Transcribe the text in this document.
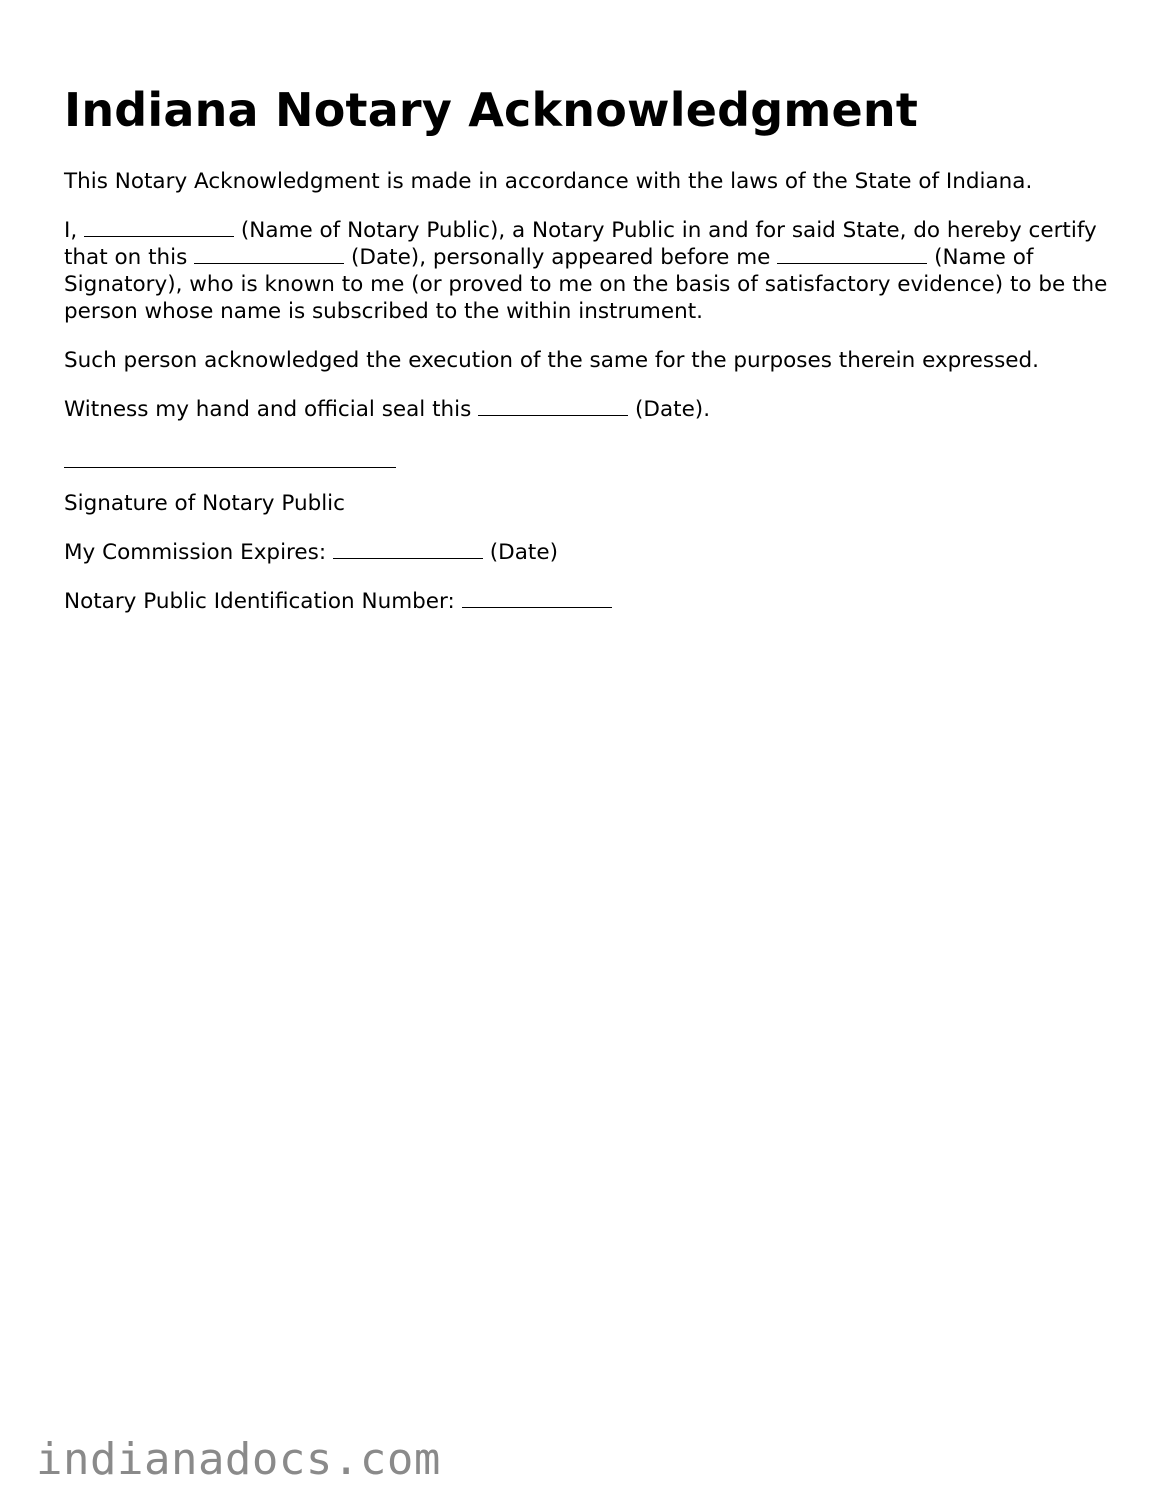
Indiana Notary Acknowledgment

This Notary Acknowledgment is made in accordance with the laws of the State of Indiana.

I,	(Name of Notary Public), a Notary Public in and for said State, do hereby certify that on this	(Date), personally appeared before me	(Name of Signatory), who is known to me (or proved to me on the basis of satisfactory evidence) to be the person whose name is subscribed to the within instrument.

Such person acknowledged the execution of the same for the purposes therein expressed.

Witness my hand and official seal this	(Date).

Signature of Notary Public

My Commission Expires:	(Date)

Notary Public Identification Number:

indianadocs.com
